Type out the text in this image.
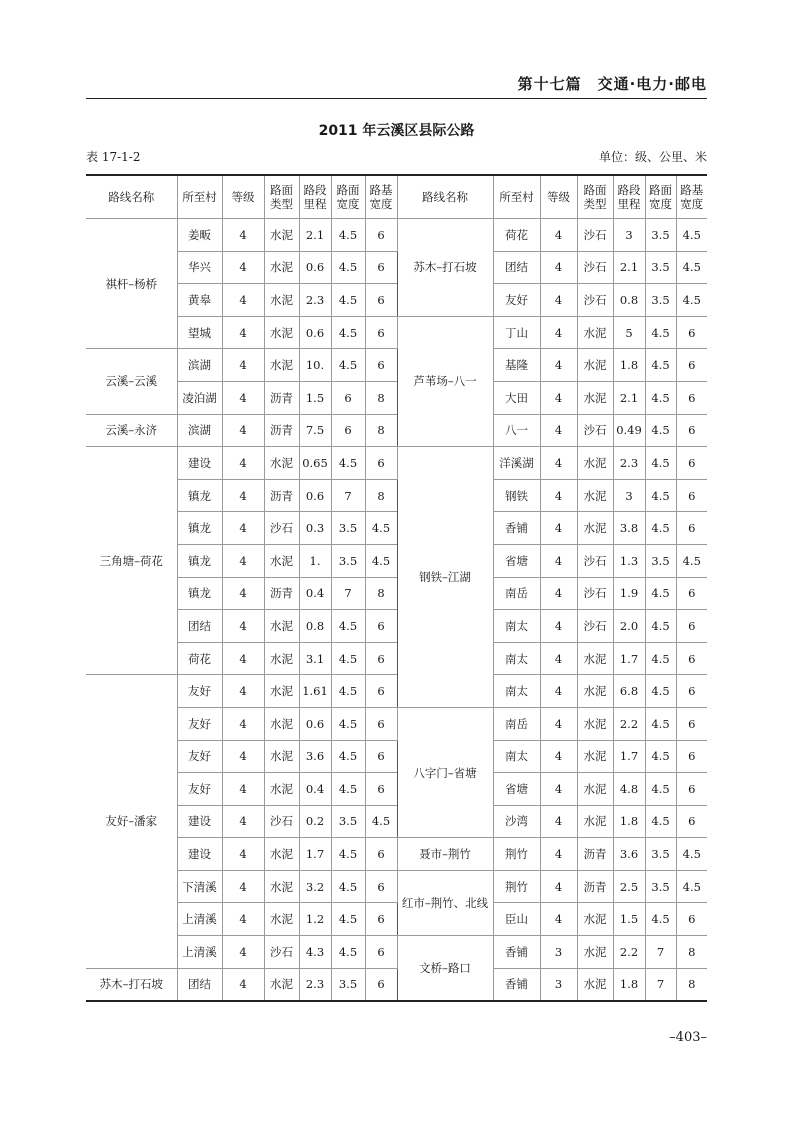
第十七篇　交通·电力·邮电
2011 年云溪区县际公路
表 17-1-2	单位：级、公里、米
路线名称	所至村	等级	路面类型	路段里程	路面宽度	路基宽度	路线名称	所至村	等级	路面类型	路段里程	路面宽度	路基宽度
祺杆–杨桥	姜畈	4	水泥	2.1	4.5	6	苏木–打石坡	荷花	4	沙石	3	3.5	4.5
	华兴	4	水泥	0.6	4.5	6		团结	4	沙石	2.1	3.5	4.5
	黄皋	4	水泥	2.3	4.5	6		友好	4	沙石	0.8	3.5	4.5
	望城	4	水泥	0.6	4.5	6	芦苇场–八一	丁山	4	水泥	5	4.5	6
云溪–云溪	滨湖	4	水泥	10.	4.5	6		基隆	4	水泥	1.8	4.5	6
	凌泊湖	4	沥青	1.5	6	8		大田	4	水泥	2.1	4.5	6
云溪–永济	滨湖	4	沥青	7.5	6	8		八一	4	沙石	0.49	4.5	6
三角塘–荷花	建设	4	水泥	0.65	4.5	6	钢铁–江湖	洋溪湖	4	水泥	2.3	4.5	6
	镇龙	4	沥青	0.6	7	8		钢铁	4	水泥	3	4.5	6
	镇龙	4	沙石	0.3	3.5	4.5		香铺	4	水泥	3.8	4.5	6
	镇龙	4	水泥	1.	3.5	4.5		省塘	4	沙石	1.3	3.5	4.5
	镇龙	4	沥青	0.4	7	8		南岳	4	沙石	1.9	4.5	6
	团结	4	水泥	0.8	4.5	6		南太	4	沙石	2.0	4.5	6
	荷花	4	水泥	3.1	4.5	6		南太	4	水泥	1.7	4.5	6
友好–潘家	友好	4	水泥	1.61	4.5	6		南太	4	水泥	6.8	4.5	6
	友好	4	水泥	0.6	4.5	6	八字门–省塘	南岳	4	水泥	2.2	4.5	6
	友好	4	水泥	3.6	4.5	6		南太	4	水泥	1.7	4.5	6
	友好	4	水泥	0.4	4.5	6		省塘	4	水泥	4.8	4.5	6
	建设	4	沙石	0.2	3.5	4.5		沙湾	4	水泥	1.8	4.5	6
	建设	4	水泥	1.7	4.5	6	聂市–荆竹	荆竹	4	沥青	3.6	3.5	4.5
	下清溪	4	水泥	3.2	4.5	6	红市–荆竹、北线	荆竹	4	沥青	2.5	3.5	4.5
	上清溪	4	水泥	1.2	4.5	6		臣山	4	水泥	1.5	4.5	6
	上清溪	4	沙石	4.3	4.5	6	文桥–路口	香铺	3	水泥	2.2	7	8
苏木–打石坡	团结	4	水泥	2.3	3.5	6		香铺	3	水泥	1.8	7	8
–403–
